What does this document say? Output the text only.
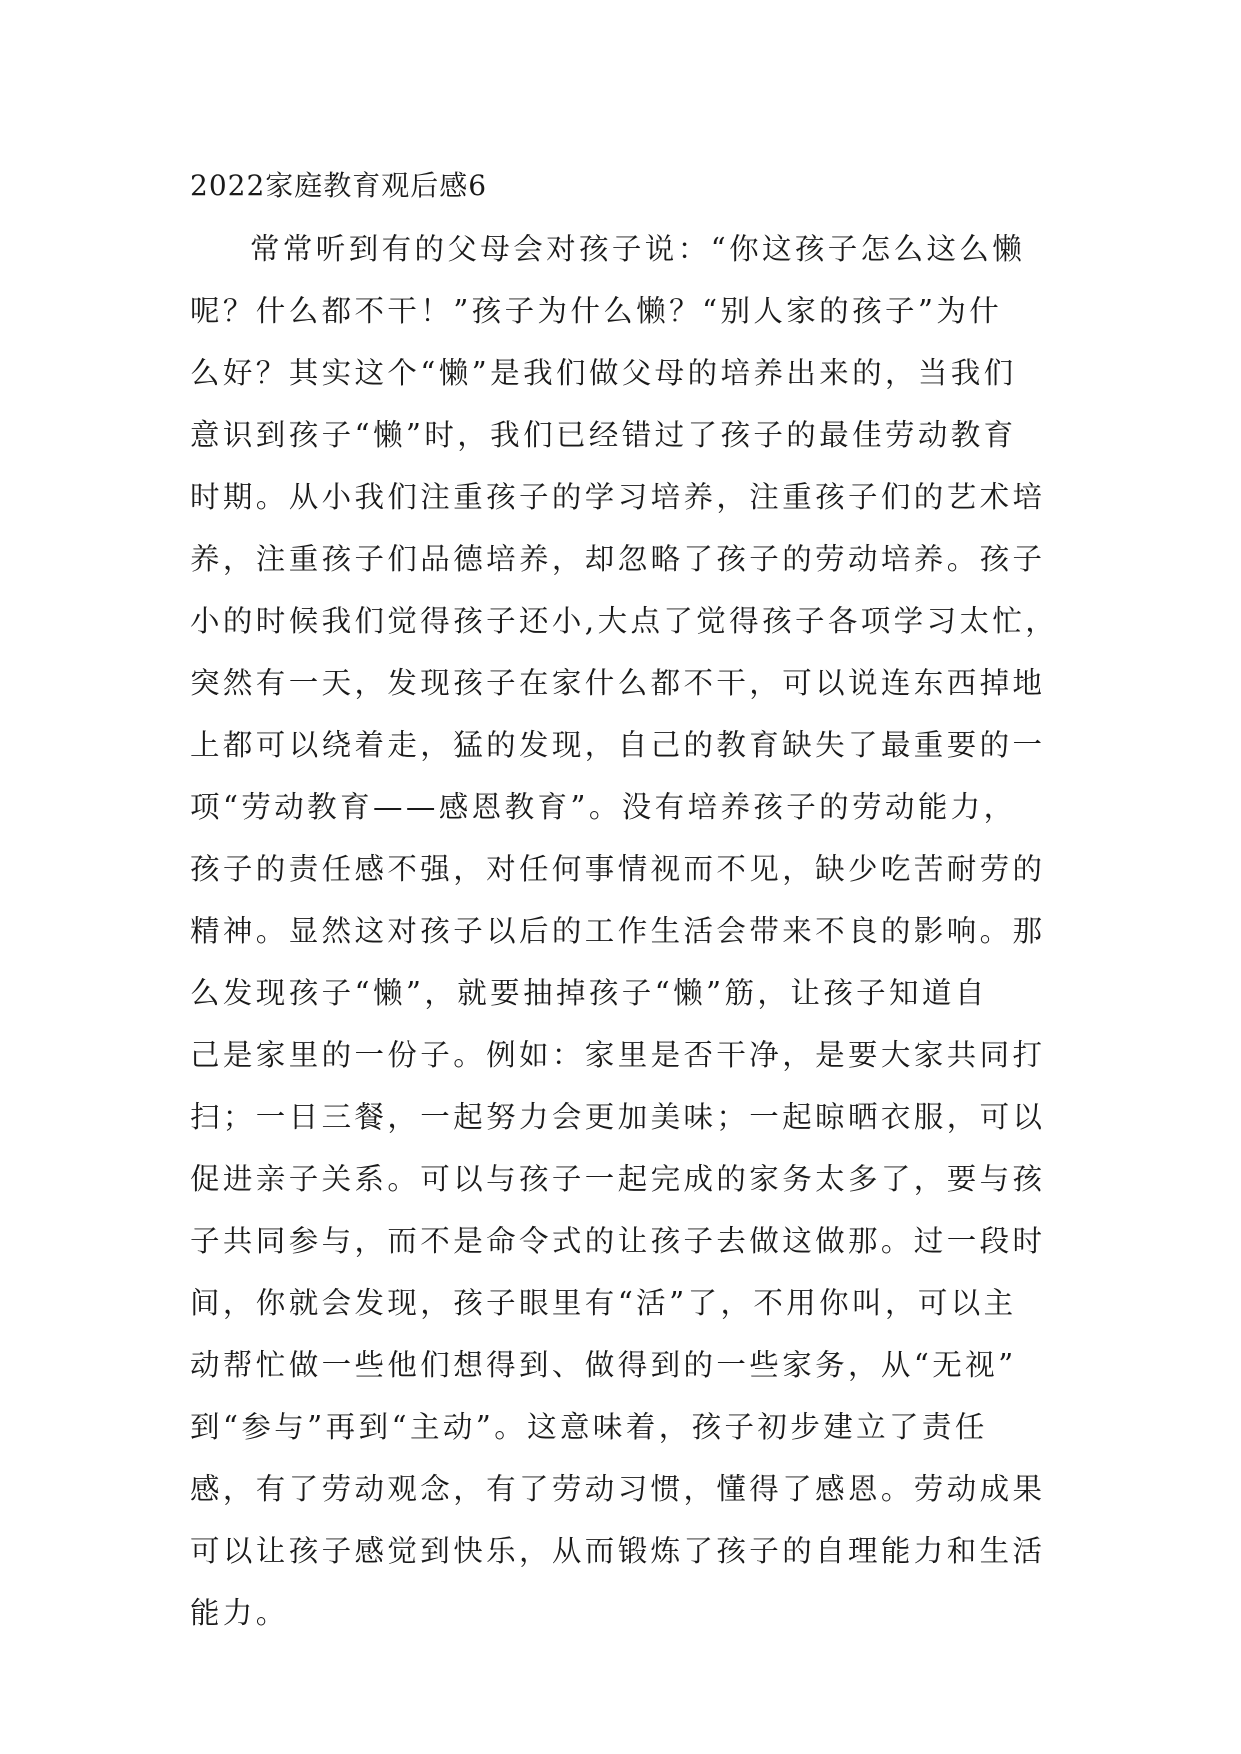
2022家庭教育观后感6
常常听到有的父母会对孩子说：“你这孩子怎么这么懒
呢？什么都不干！”孩子为什么懒？“别人家的孩子”为什
么好？其实这个“懒”是我们做父母的培养出来的，当我们
意识到孩子“懒”时，我们已经错过了孩子的最佳劳动教育
时期。从小我们注重孩子的学习培养，注重孩子们的艺术培
养，注重孩子们品德培养，却忽略了孩子的劳动培养。孩子
小的时候我们觉得孩子还小,大点了觉得孩子各项学习太忙，
突然有一天，发现孩子在家什么都不干，可以说连东西掉地
上都可以绕着走，猛的发现，自己的教育缺失了最重要的一
项“劳动教育——感恩教育”。没有培养孩子的劳动能力，
孩子的责任感不强，对任何事情视而不见，缺少吃苦耐劳的
精神。显然这对孩子以后的工作生活会带来不良的影响。那
么发现孩子“懒”，就要抽掉孩子“懒”筋，让孩子知道自
己是家里的一份子。例如：家里是否干净，是要大家共同打
扫；一日三餐，一起努力会更加美味；一起晾晒衣服，可以
促进亲子关系。可以与孩子一起完成的家务太多了，要与孩
子共同参与，而不是命令式的让孩子去做这做那。过一段时
间，你就会发现，孩子眼里有“活”了，不用你叫，可以主
动帮忙做一些他们想得到、做得到的一些家务，从“无视”
到“参与”再到“主动”。这意味着，孩子初步建立了责任
感，有了劳动观念，有了劳动习惯，懂得了感恩。劳动成果
可以让孩子感觉到快乐，从而锻炼了孩子的自理能力和生活
能力。
